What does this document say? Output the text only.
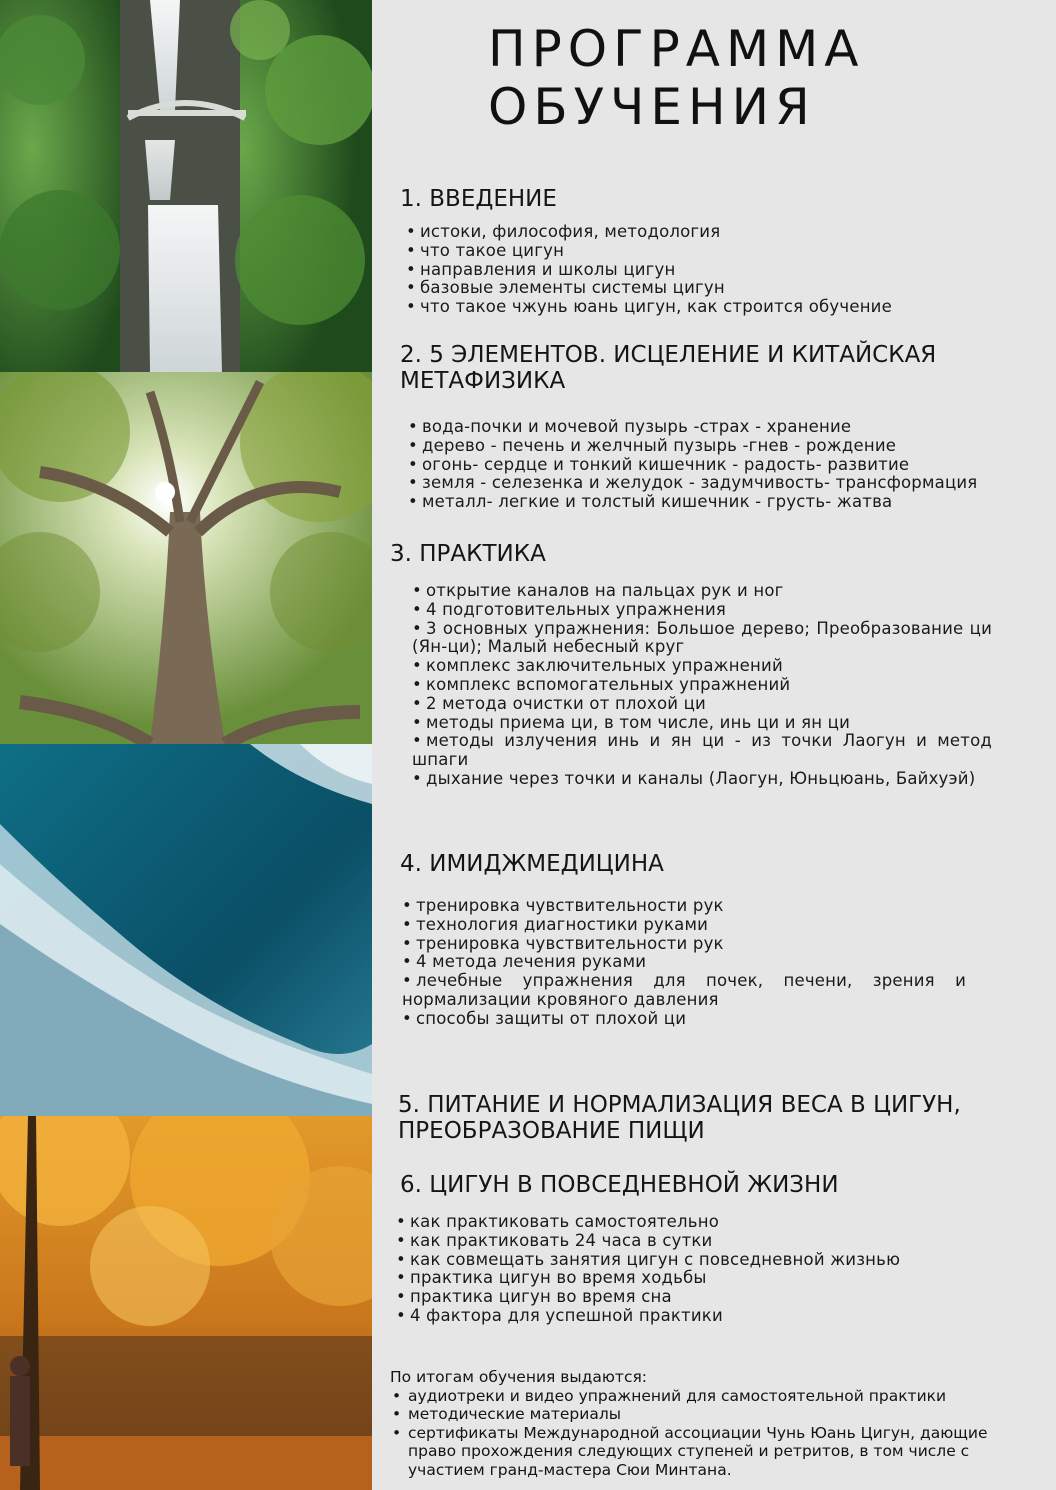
ПРОГРАММА
ОБУЧЕНИЯ
1. ВВЕДЕНИЕ
• истоки, философия, методология
• что такое цигун
• направления и школы цигун
• базовые элементы системы цигун
• что такое чжунь юань цигун, как строится обучение
2. 5 ЭЛЕМЕНТОВ. ИСЦЕЛЕНИЕ И КИТАЙСКАЯ МЕТАФИЗИКА
• вода-почки и мочевой пузырь -страх - хранение
• дерево - печень и желчный пузырь -гнев - рождение
• огонь- сердце и тонкий кишечник - радость- развитие
• земля - селезенка и желудок - задумчивость- трансформация
• металл- легкие и толстый кишечник - грусть- жатва
3. ПРАКТИКА
• открытие каналов на пальцах рук и ног
• 4 подготовительных упражнения
• 3 основных упражнения: Большое дерево; Преобразование ци (Ян-ци); Малый небесный круг
• комплекс заключительных упражнений
• комплекс вспомогательных упражнений
• 2 метода очистки от плохой ци
• методы приема ци, в том числе, инь ци и ян ци
• методы излучения инь и ян ци - из точки Лаогун и метод шпаги
• дыхание через точки и каналы (Лаогун, Юньцюань, Байхуэй)
4. ИМИДЖМЕДИЦИНА
• тренировка чувствительности рук
• технология диагностики руками
• тренировка чувствительности рук
• 4 метода лечения руками
• лечебные упражнения для почек, печени, зрения и нормализации кровяного давления
• способы защиты от плохой ци
5. ПИТАНИЕ И НОРМАЛИЗАЦИЯ ВЕСА В ЦИГУН, ПРЕОБРАЗОВАНИЕ ПИЩИ
6. ЦИГУН В ПОВСЕДНЕВНОЙ ЖИЗНИ
• как практиковать самостоятельно
• как практиковать 24 часа в сутки
• как совмещать занятия цигун с повседневной жизнью
• практика цигун во время ходьбы
• практика цигун во время сна
• 4 фактора для успешной практики
По итогам обучения выдаются:
• аудиотреки и видео упражнений для самостоятельной практики
• методические материалы
• сертификаты Международной ассоциации Чунь Юань Цигун, дающие право прохождения следующих ступеней и ретритов, в том числе с участием гранд-мастера Сюи Минтана.
